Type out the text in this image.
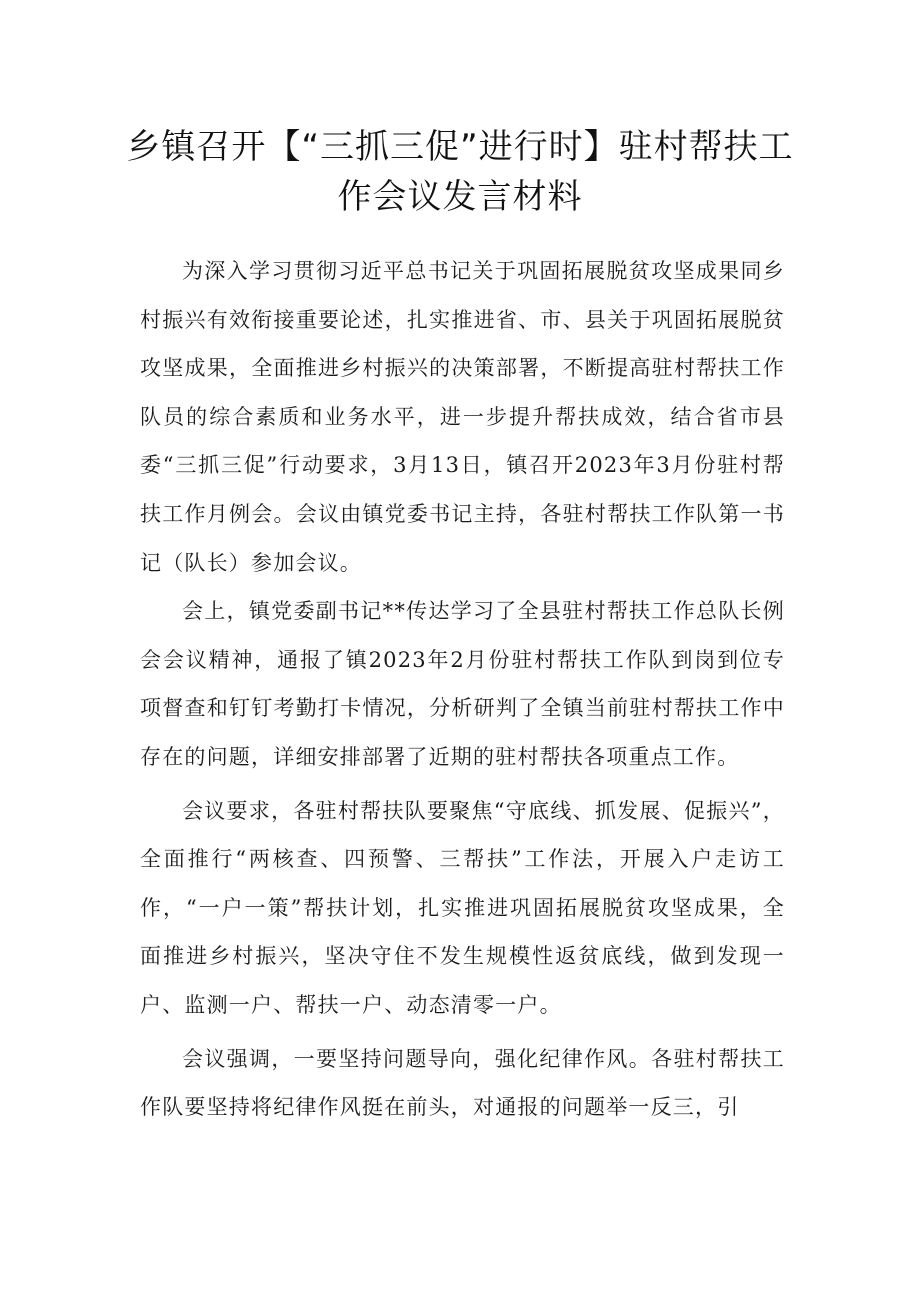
乡镇召开【“三抓三促”进行时】驻村帮扶工作会议发言材料

为深入学习贯彻习近平总书记关于巩固拓展脱贫攻坚成果同乡村振兴有效衔接重要论述，扎实推进省、市、县关于巩固拓展脱贫攻坚成果，全面推进乡村振兴的决策部署，不断提高驻村帮扶工作队员的综合素质和业务水平，进一步提升帮扶成效，结合省市县委“三抓三促”行动要求，3月13日，镇召开2023年3月份驻村帮扶工作月例会。会议由镇党委书记主持，各驻村帮扶工作队第一书记（队长）参加会议。

会上，镇党委副书记**传达学习了全县驻村帮扶工作总队长例会会议精神，通报了镇2023年2月份驻村帮扶工作队到岗到位专项督查和钉钉考勤打卡情况，分析研判了全镇当前驻村帮扶工作中存在的问题，详细安排部署了近期的驻村帮扶各项重点工作。

会议要求，各驻村帮扶队要聚焦“守底线、抓发展、促振兴”，全面推行“两核查、四预警、三帮扶”工作法，开展入户走访工作，“一户一策”帮扶计划，扎实推进巩固拓展脱贫攻坚成果，全面推进乡村振兴，坚决守住不发生规模性返贫底线，做到发现一户、监测一户、帮扶一户、动态清零一户。

会议强调，一要坚持问题导向，强化纪律作风。各驻村帮扶工作队要坚持将纪律作风挺在前头，对通报的问题举一反三，引
